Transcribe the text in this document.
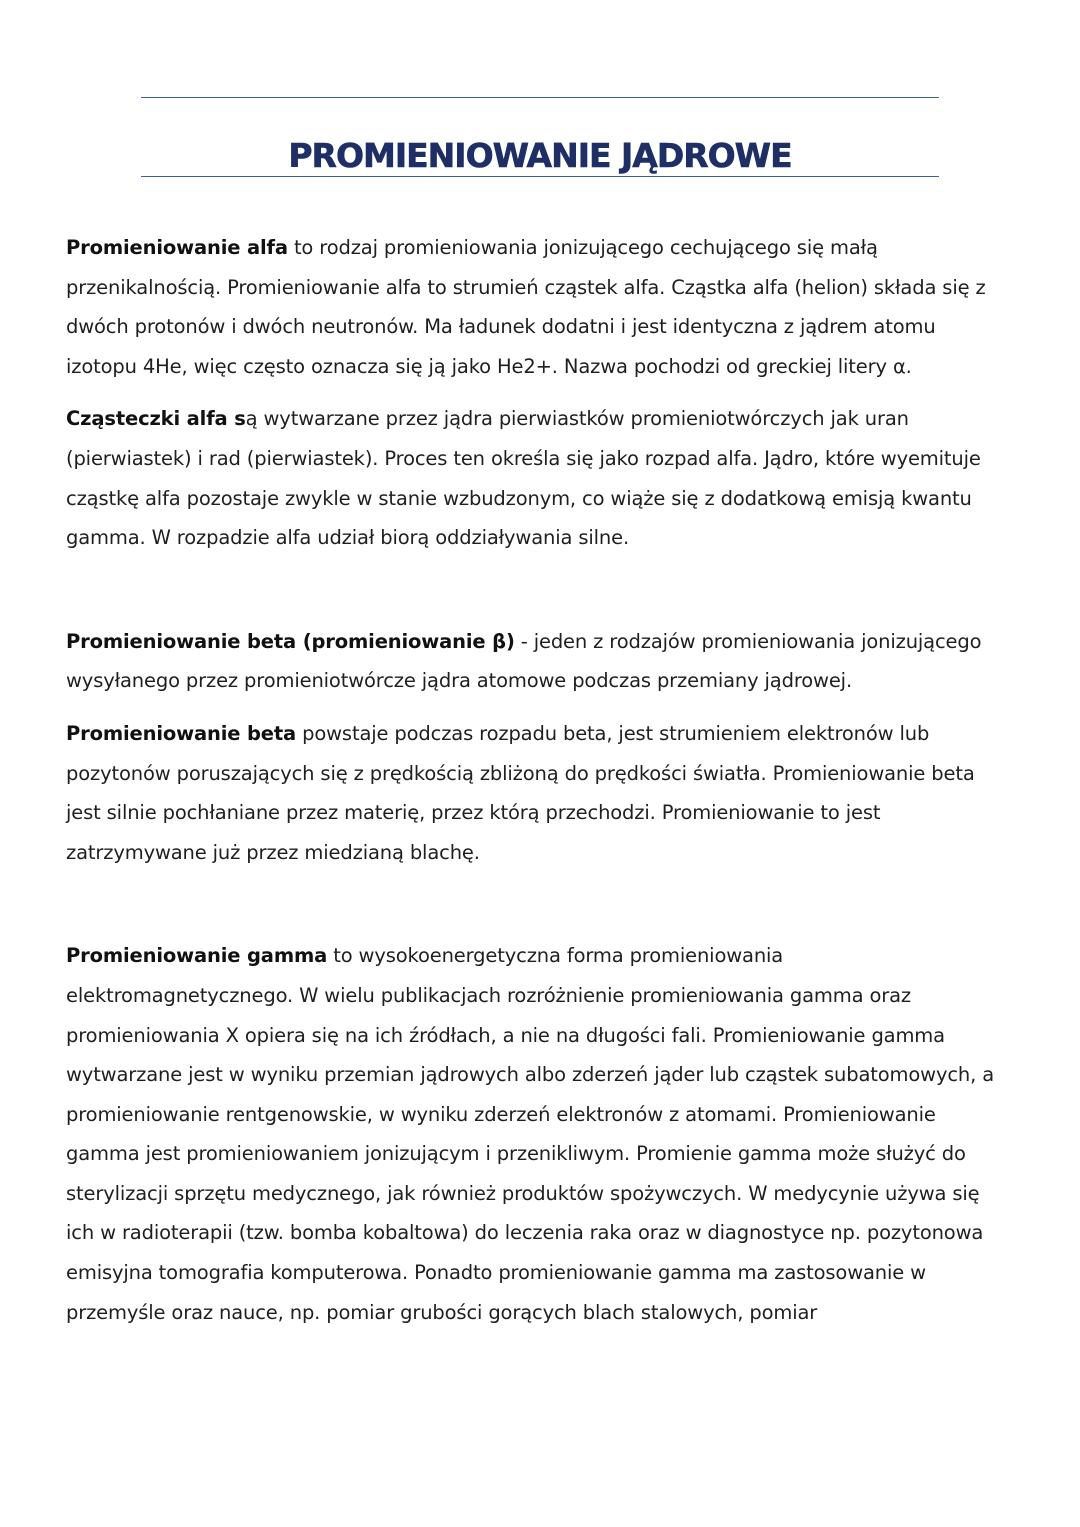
PROMIENIOWANIE JĄDROWE

Promieniowanie alfa to rodzaj promieniowania jonizującego cechującego się małą przenikalnością. Promieniowanie alfa to strumień cząstek alfa. Cząstka alfa (helion) składa się z dwóch protonów i dwóch neutronów. Ma ładunek dodatni i jest identyczna z jądrem atomu izotopu 4He, więc często oznacza się ją jako He2+. Nazwa pochodzi od greckiej litery α.

Cząsteczki alfa są wytwarzane przez jądra pierwiastków promieniotwórczych jak uran (pierwiastek) i rad (pierwiastek). Proces ten określa się jako rozpad alfa. Jądro, które wyemituje cząstkę alfa pozostaje zwykle w stanie wzbudzonym, co wiąże się z dodatkową emisją kwantu gamma. W rozpadzie alfa udział biorą oddziaływania silne.

Promieniowanie beta (promieniowanie β) - jeden z rodzajów promieniowania jonizującego wysyłanego przez promieniotwórcze jądra atomowe podczas przemiany jądrowej.

Promieniowanie beta powstaje podczas rozpadu beta, jest strumieniem elektronów lub pozytonów poruszających się z prędkością zbliżoną do prędkości światła. Promieniowanie beta jest silnie pochłaniane przez materię, przez którą przechodzi. Promieniowanie to jest zatrzymywane już przez miedzianą blachę.

Promieniowanie gamma to wysokoenergetyczna forma promieniowania elektromagnetycznego. W wielu publikacjach rozróżnienie promieniowania gamma oraz promieniowania X opiera się na ich źródłach, a nie na długości fali. Promieniowanie gamma wytwarzane jest w wyniku przemian jądrowych albo zderzeń jąder lub cząstek subatomowych, a promieniowanie rentgenowskie, w wyniku zderzeń elektronów z atomami. Promieniowanie gamma jest promieniowaniem jonizującym i przenikliwym. Promienie gamma może służyć do sterylizacji sprzętu medycznego, jak również produktów spożywczych. W medycynie używa się ich w radioterapii (tzw. bomba kobaltowa) do leczenia raka oraz w diagnostyce np. pozytonowa emisyjna tomografia komputerowa. Ponadto promieniowanie gamma ma zastosowanie w przemyśle oraz nauce, np. pomiar grubości gorących blach stalowych, pomiar
